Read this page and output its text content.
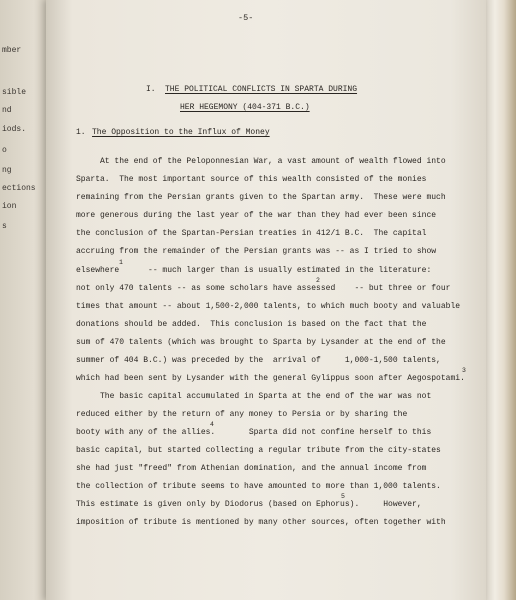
mber
sible
nd
iods.
o
ng
ections
ion
s
-5-
I. THE POLITICAL CONFLICTS IN SPARTA DURING
HER HEGEMONY (404-371 B.C.)
1. The Opposition to the Influx of Money
At the end of the Peloponnesian War, a vast amount of wealth flowed into
Sparta.  The most important source of this wealth consisted of the monies
remaining from the Persian grants given to the Spartan army.  These were much
more generous during the last year of the war than they had ever been since
the conclusion of the Spartan-Persian treaties in 412/1 B.C.  The capital
accruing from the remainder of the Persian grants was -- as I tried to show
elsewhere      -- much larger than is usually estimated in the literature:
1
not only 470 talents -- as some scholars have assessed    -- but three or four
2
times that amount -- about 1,500-2,000 talents, to which much booty and valuable
donations should be added.  This conclusion is based on the fact that the
sum of 470 talents (which was brought to Sparta by Lysander at the end of the
summer of 404 B.C.) was preceded by the  arrival of     1,000-1,500 talents,
which had been sent by Lysander with the general Gylippus soon after Aegospotami.
3
The basic capital accumulated in Sparta at the end of the war was not
reduced either by the return of any money to Persia or by sharing the
booty with any of the allies.       Sparta did not confine herself to this
4
basic capital, but started collecting a regular tribute from the city-states
she had just "freed" from Athenian domination, and the annual income from
the collection of tribute seems to have amounted to more than 1,000 talents.
This estimate is given only by Diodorus (based on Ephorus).     However,
5
imposition of tribute is mentioned by many other sources, often together with
